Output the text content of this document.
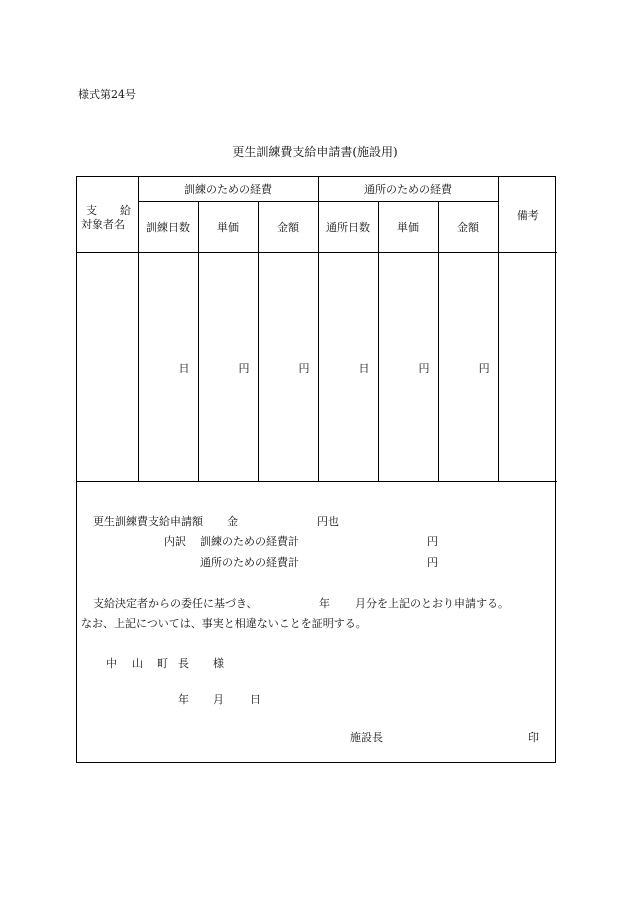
様式第24号
更生訓練費支給申請書(施設用)
支 給
対象者名	訓練のための経費			通所のための経費			備考
	訓練日数	単価	金額	通所日数	単価	金額	
	日	円	円	日	円	円	
更生訓練費支給申請額 金	円也
内訳 訓練のための経費計	円
通所のための経費計	円
支給決定者からの委任に基づき、	年 月分を上記のとおり申請する。
なお、上記については、事実と相違ないことを証明する。
中 山 町 長 様
年 月 日
施設長	印
